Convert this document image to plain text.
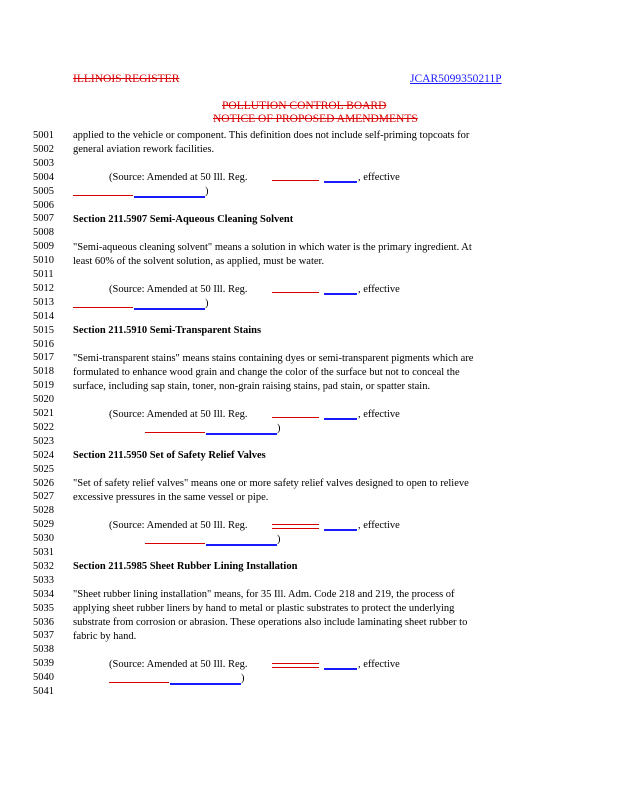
ILLINOIS REGISTER	JCAR5099350211P
POLLUTION CONTROL BOARD
NOTICE OF PROPOSED AMENDMENTS
5001
5002
5003
5004
5005
5006
5007
5008
5009
5010
5011
5012
5013
5014
5015
5016
5017
5018
5019
5020
5021
5022
5023
5024
5025
5026
5027
5028
5029
5030
5031
5032
5033
5034
5035
5036
5037
5038
5039
5040
5041
applied to the vehicle or component. This definition does not include self-priming topcoats for
general aviation rework facilities.
(Source: Amended at 50 Ill. Reg.	, effective
)
Section 211.5907 Semi-Aqueous Cleaning Solvent
"Semi-aqueous cleaning solvent" means a solution in which water is the primary ingredient. At
least 60% of the solvent solution, as applied, must be water.
(Source: Amended at 50 Ill. Reg.	, effective
)
Section 211.5910 Semi-Transparent Stains
"Semi-transparent stains" means stains containing dyes or semi-transparent pigments which are
formulated to enhance wood grain and change the color of the surface but not to conceal the
surface, including sap stain, toner, non-grain raising stains, pad stain, or spatter stain.
(Source: Amended at 50 Ill. Reg.	, effective
)
Section 211.5950 Set of Safety Relief Valves
"Set of safety relief valves" means one or more safety relief valves designed to open to relieve
excessive pressures in the same vessel or pipe.
(Source: Amended at 50 Ill. Reg.	, effective
)
Section 211.5985 Sheet Rubber Lining Installation
"Sheet rubber lining installation" means, for 35 Ill. Adm. Code 218 and 219, the process of
applying sheet rubber liners by hand to metal or plastic substrates to protect the underlying
substrate from corrosion or abrasion. These operations also include laminating sheet rubber to
fabric by hand.
(Source: Amended at 50 Ill. Reg.	, effective
)
